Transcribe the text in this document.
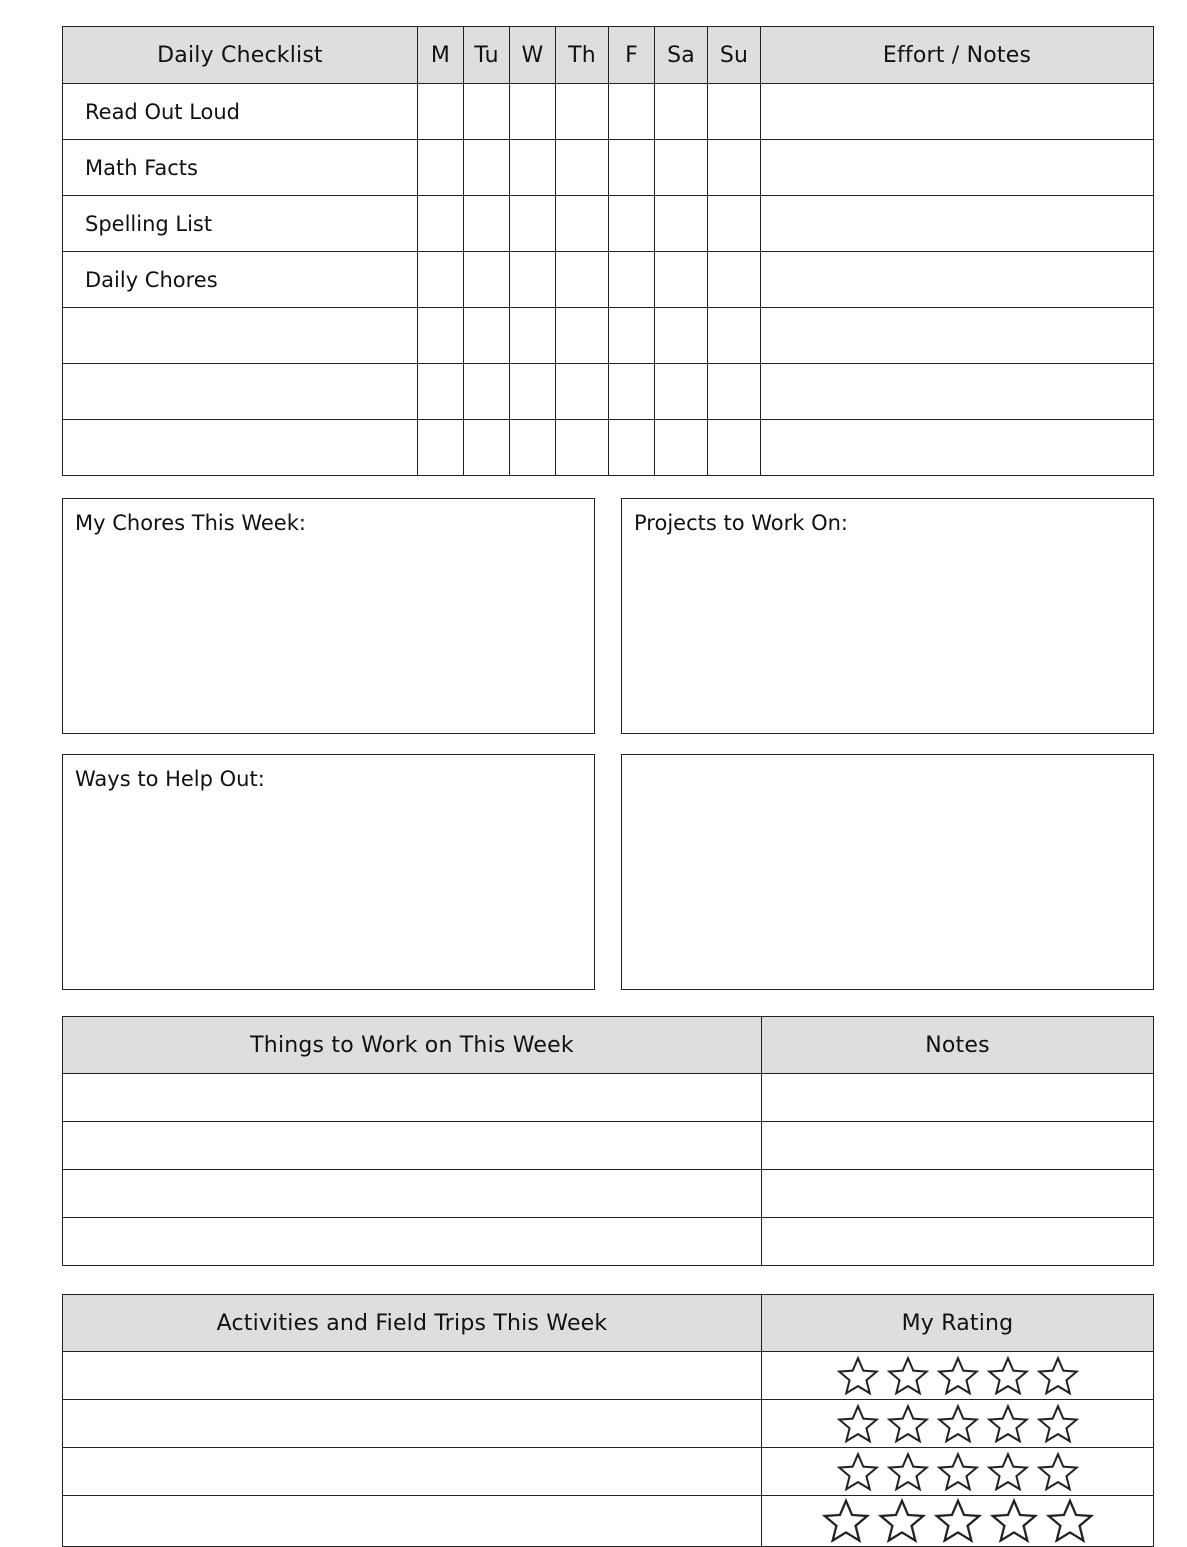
Daily Checklist	M	Tu	W	Th	F	Sa	Su	Effort / Notes
Read Out Loud								
Math Facts								
Spelling List								
Daily Chores								

My Chores This Week:	Projects to Work On:
Ways to Help Out:
Things to Work on This Week	Notes

Activities and Field Trips This Week	My Rating
